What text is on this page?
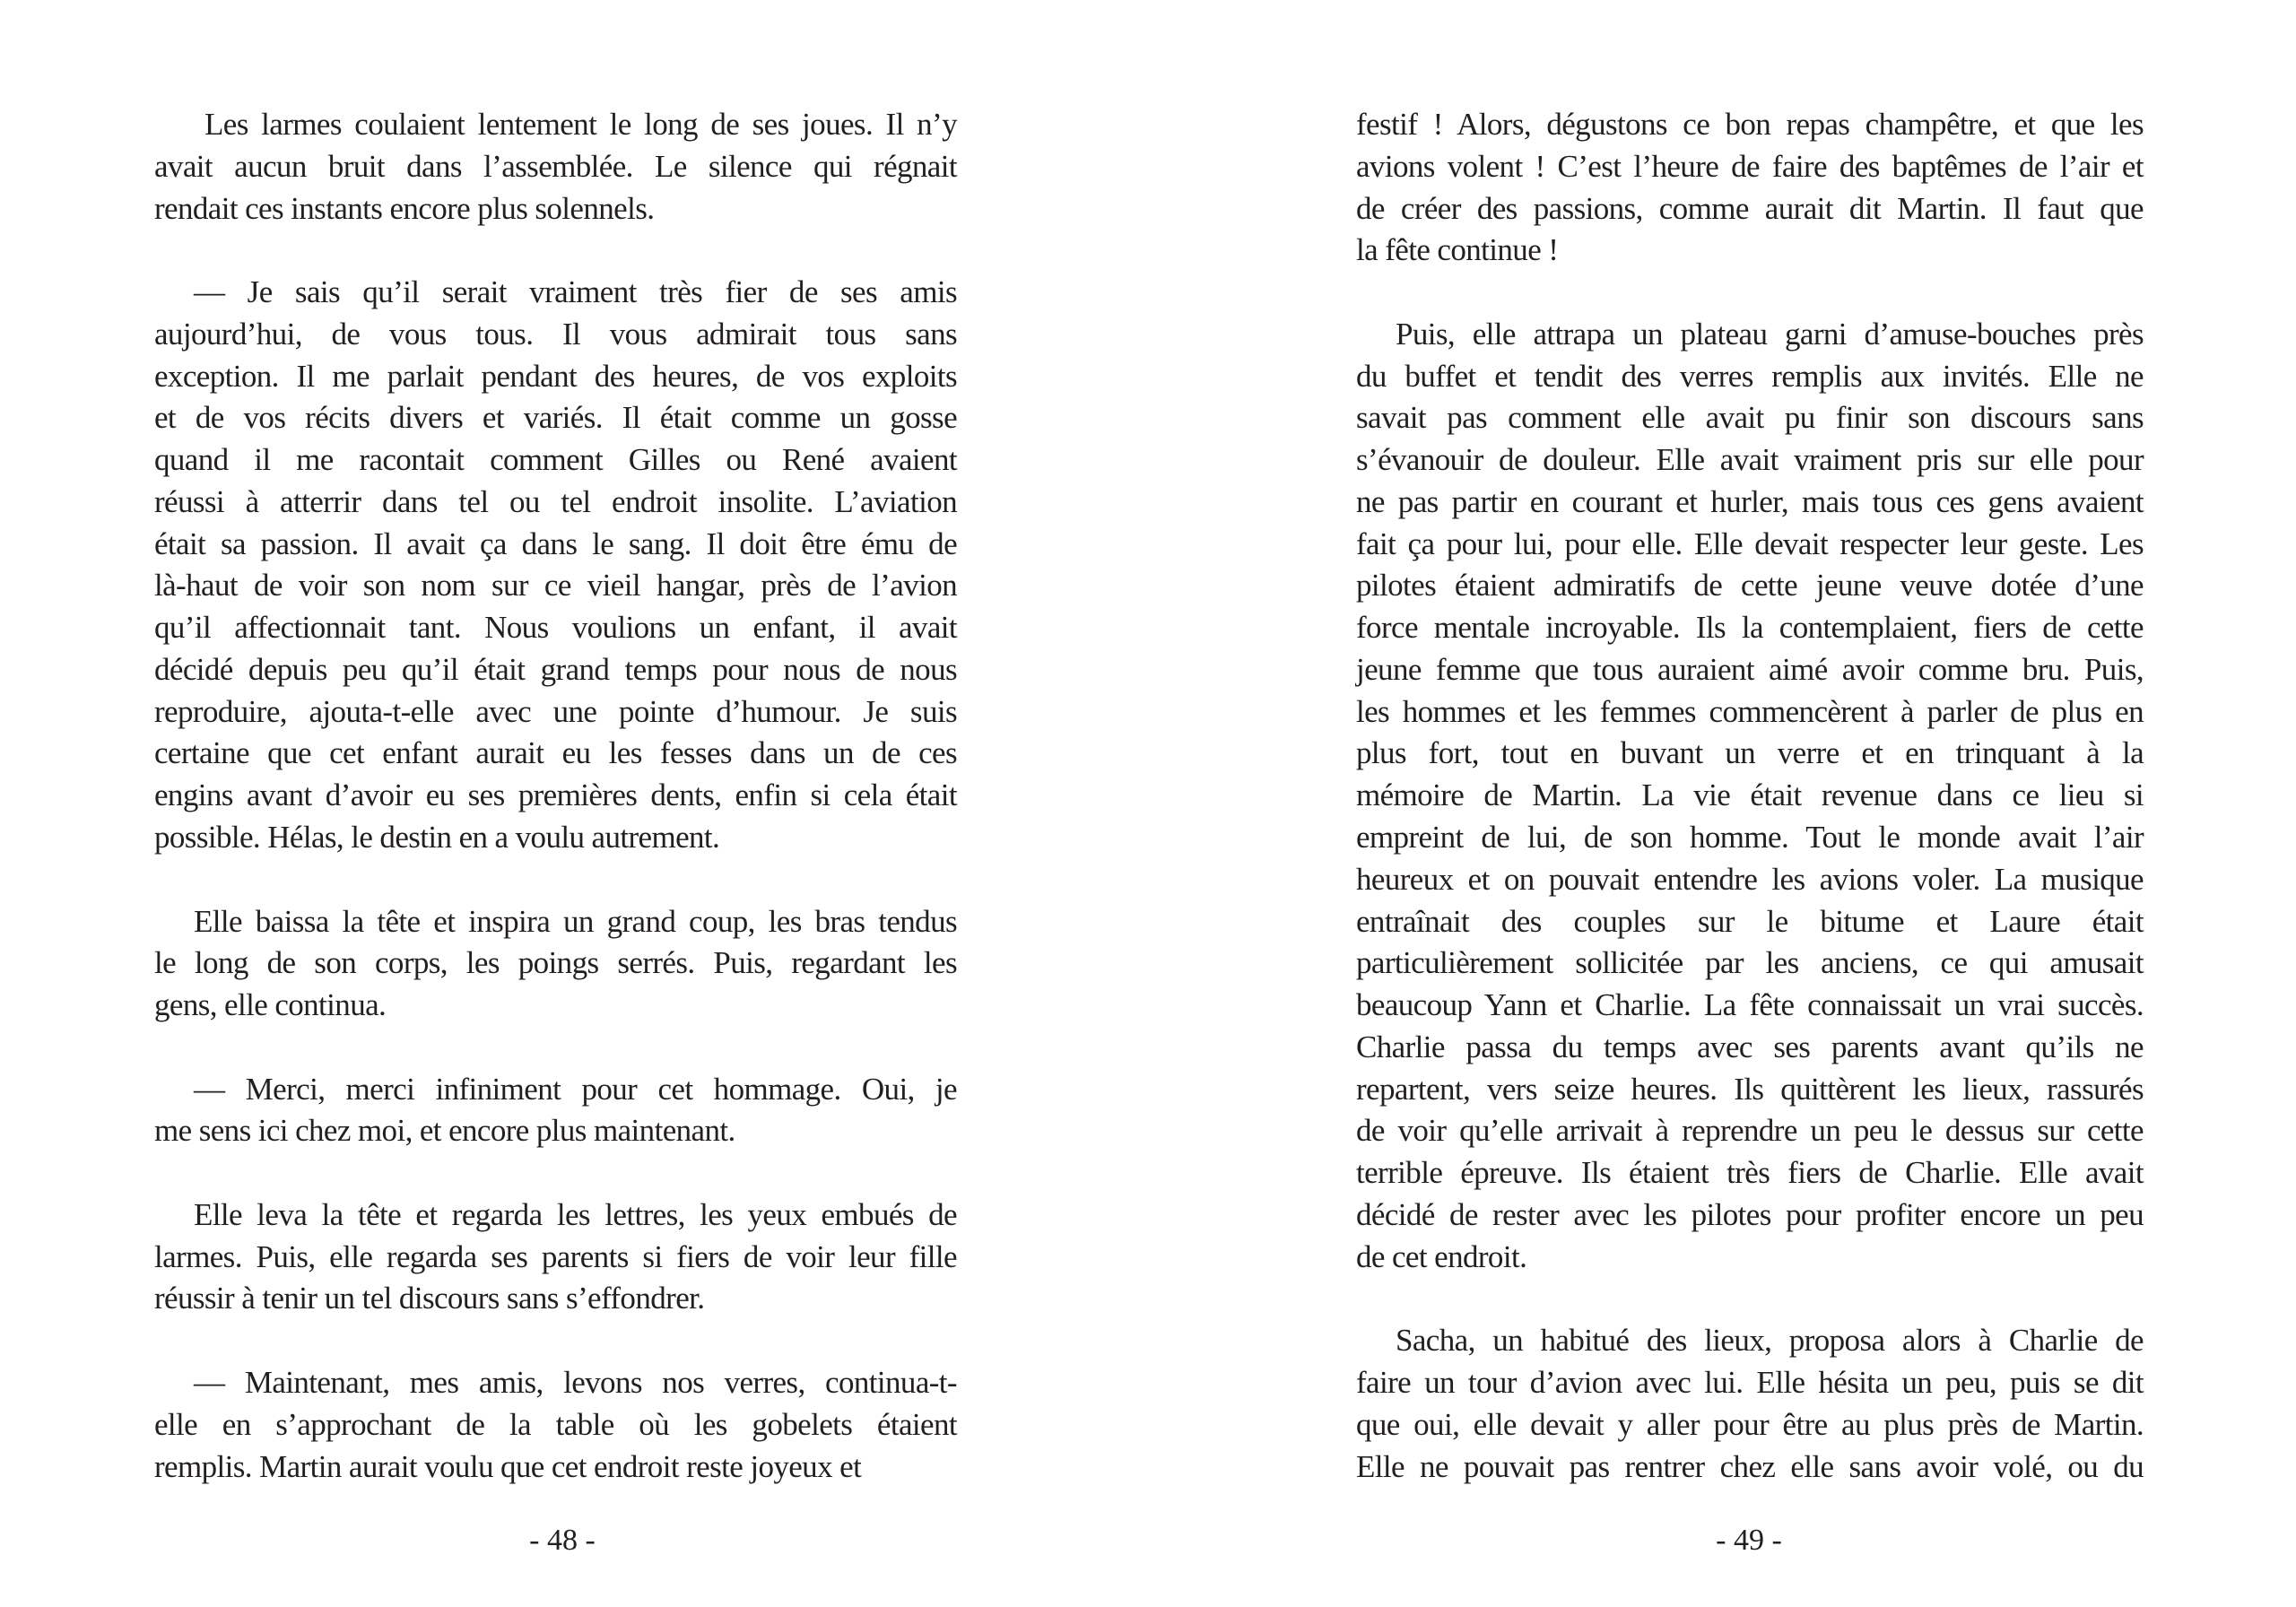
Les larmes coulaient lentement le long de ses joues. Il n’y
avait aucun bruit dans l’assemblée. Le silence qui régnait
rendait ces instants encore plus solennels.
— Je sais qu’il serait vraiment très fier de ses amis
aujourd’hui, de vous tous. Il vous admirait tous sans
exception. Il me parlait pendant des heures, de vos exploits
et de vos récits divers et variés. Il était comme un gosse
quand il me racontait comment Gilles ou René avaient
réussi à atterrir dans tel ou tel endroit insolite. L’aviation
était sa passion. Il avait ça dans le sang. Il doit être ému de
là-haut de voir son nom sur ce vieil hangar, près de l’avion
qu’il affectionnait tant. Nous voulions un enfant, il avait
décidé depuis peu qu’il était grand temps pour nous de nous
reproduire, ajouta-t-elle avec une pointe d’humour. Je suis
certaine que cet enfant aurait eu les fesses dans un de ces
engins avant d’avoir eu ses premières dents, enfin si cela était
possible. Hélas, le destin en a voulu autrement.
Elle baissa la tête et inspira un grand coup, les bras tendus
le long de son corps, les poings serrés. Puis, regardant les
gens, elle continua.
— Merci, merci infiniment pour cet hommage. Oui, je
me sens ici chez moi, et encore plus maintenant.
Elle leva la tête et regarda les lettres, les yeux embués de
larmes. Puis, elle regarda ses parents si fiers de voir leur fille
réussir à tenir un tel discours sans s’effondrer.
— Maintenant, mes amis, levons nos verres, continua-t-
elle en s’approchant de la table où les gobelets étaient
remplis. Martin aurait voulu que cet endroit reste joyeux et
- 48 -
festif ! Alors, dégustons ce bon repas champêtre, et que les
avions volent ! C’est l’heure de faire des baptêmes de l’air et
de créer des passions, comme aurait dit Martin. Il faut que
la fête continue !
Puis, elle attrapa un plateau garni d’amuse-bouches près
du buffet et tendit des verres remplis aux invités. Elle ne
savait pas comment elle avait pu finir son discours sans
s’évanouir de douleur. Elle avait vraiment pris sur elle pour
ne pas partir en courant et hurler, mais tous ces gens avaient
fait ça pour lui, pour elle. Elle devait respecter leur geste. Les
pilotes étaient admiratifs de cette jeune veuve dotée d’une
force mentale incroyable. Ils la contemplaient, fiers de cette
jeune femme que tous auraient aimé avoir comme bru. Puis,
les hommes et les femmes commencèrent à parler de plus en
plus fort, tout en buvant un verre et en trinquant à la
mémoire de Martin. La vie était revenue dans ce lieu si
empreint de lui, de son homme. Tout le monde avait l’air
heureux et on pouvait entendre les avions voler. La musique
entraînait des couples sur le bitume et Laure était
particulièrement sollicitée par les anciens, ce qui amusait
beaucoup Yann et Charlie. La fête connaissait un vrai succès.
Charlie passa du temps avec ses parents avant qu’ils ne
repartent, vers seize heures. Ils quittèrent les lieux, rassurés
de voir qu’elle arrivait à reprendre un peu le dessus sur cette
terrible épreuve. Ils étaient très fiers de Charlie. Elle avait
décidé de rester avec les pilotes pour profiter encore un peu
de cet endroit.
Sacha, un habitué des lieux, proposa alors à Charlie de
faire un tour d’avion avec lui. Elle hésita un peu, puis se dit
que oui, elle devait y aller pour être au plus près de Martin.
Elle ne pouvait pas rentrer chez elle sans avoir volé, ou du
- 49 -
